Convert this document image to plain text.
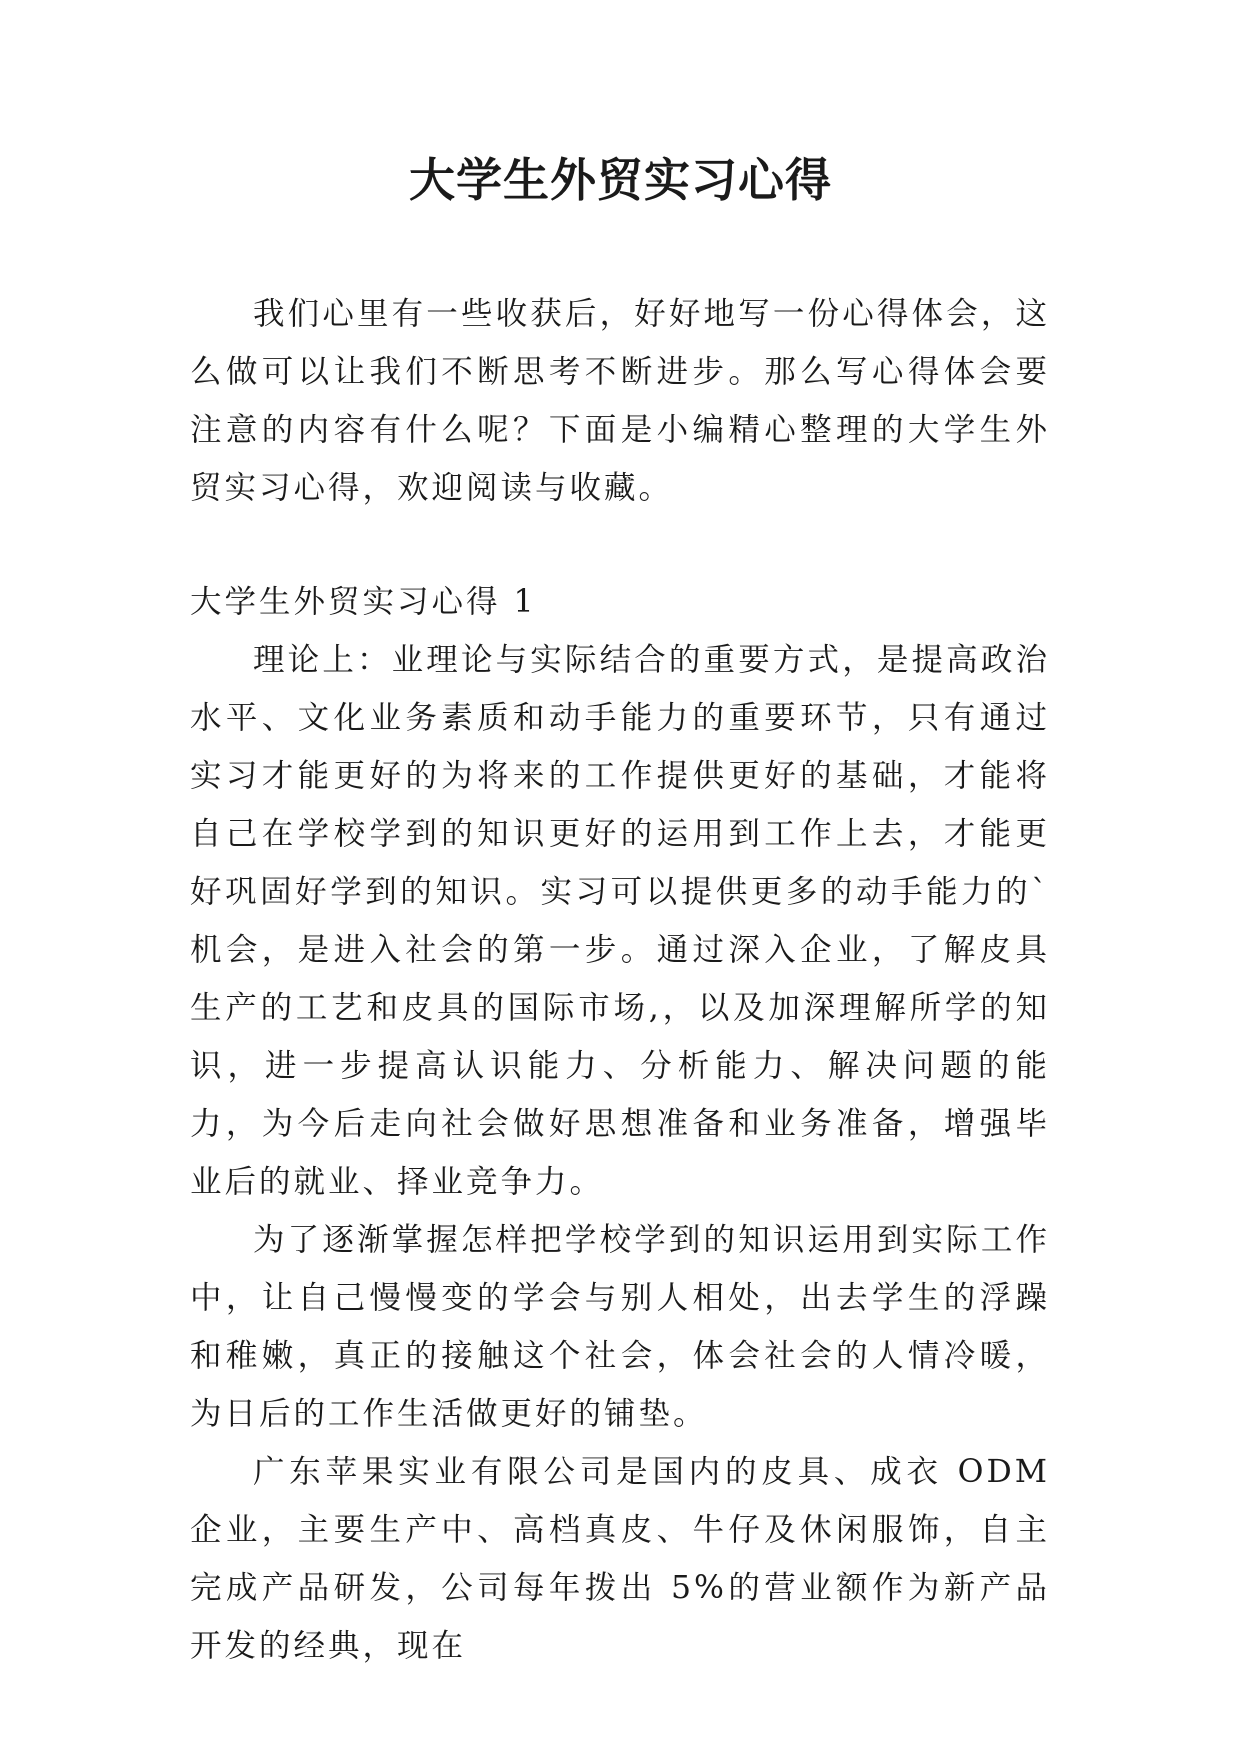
大学生外贸实习心得

我们心里有一些收获后，好好地写一份心得体会，这么做可以让我们不断思考不断进步。那么写心得体会要注意的内容有什么呢？下面是小编精心整理的大学生外贸实习心得，欢迎阅读与收藏。

大学生外贸实习心得 1

理论上：业理论与实际结合的重要方式，是提高政治水平、文化业务素质和动手能力的重要环节，只有通过实习才能更好的为将来的工作提供更好的基础，才能将自己在学校学到的知识更好的运用到工作上去，才能更好巩固好学到的知识。实习可以提供更多的动手能力的`机会，是进入社会的第一步。通过深入企业，了解皮具生产的工艺和皮具的国际市场,，以及加深理解所学的知识，进一步提高认识能力、分析能力、解决问题的能力，为今后走向社会做好思想准备和业务准备，增强毕业后的就业、择业竞争力。

为了逐渐掌握怎样把学校学到的知识运用到实际工作中，让自己慢慢变的学会与别人相处，出去学生的浮躁和稚嫩，真正的接触这个社会，体会社会的人情冷暖，为日后的工作生活做更好的铺垫。

广东苹果实业有限公司是国内的皮具、成衣 ODM 企业，主要生产中、高档真皮、牛仔及休闲服饰，自主完成产品研发，公司每年拨出 5%的营业额作为新产品开发的经典，现在
